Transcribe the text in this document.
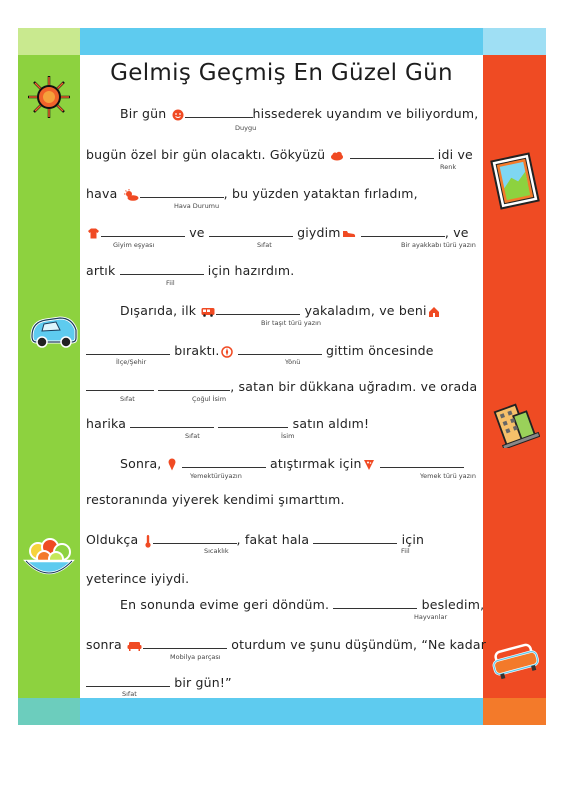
Gelmiş Geçmiş En Güzel Gün
Bir gün	hissederek uyandım ve biliyordum,
Duygu
bugün özel bir gün olacaktı. Gökyüzü	idi ve
Renk
hava	, bu yüzden yataktan fırladım,
Hava Durumu
ve	giydim	, ve
Giyim eşyası	Sıfat	Bir ayakkabı türü yazın
artık	için hazırdım.
Fiil
Dışarıda, ilk	yakaladım, ve beni
Bir taşıt türü yazın
bıraktı.	gittim öncesinde
İlçe/Şehir	Yönü
, satan bir dükkana uğradım. ve orada
Sıfat	Çoğul İsim
harika	satın aldım!
Sıfat	İsim
Sonra,	atıştırmak için
Yemektürüyazın	Yemek türü yazın
restoranında yiyerek kendimi şımarttım.
Oldukça	, fakat hala	için
Sıcaklık	Fiil
yeterince iyiydi.
En sonunda evime geri döndüm.	besledim,
Hayvanlar
sonra	oturdum ve şunu düşündüm, “Ne kadar
Mobilya parçası
bir gün!”
Sıfat
